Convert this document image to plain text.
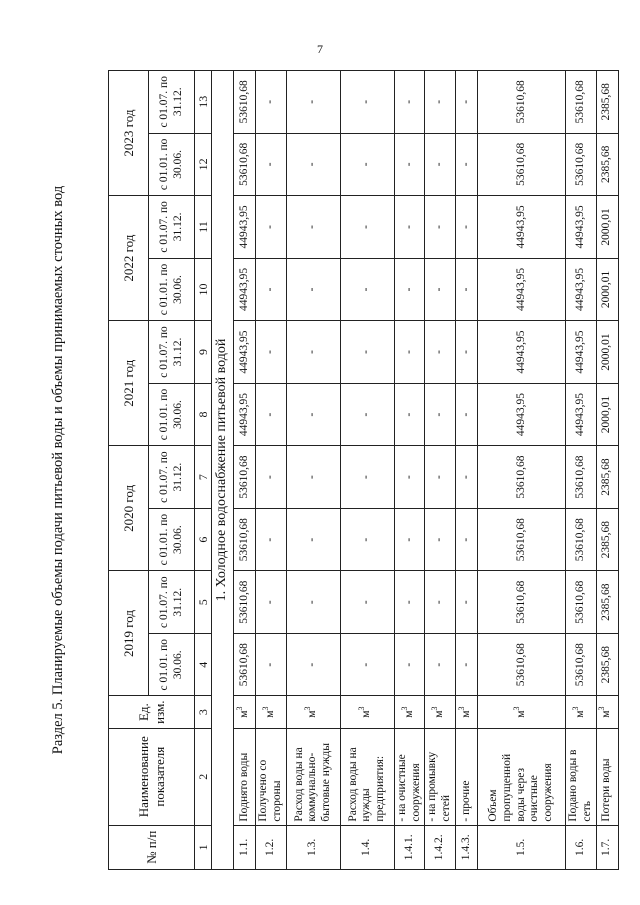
7
Раздел 5. Планируемые объемы подачи питьевой воды и объемы принимаемых сточных вод
№ п/п	Наименование показателя	Ед. изм.	2019 год		2020 год		2021 год		2022 год		2023 год	
			с 01.01. по 30.06.	с 01.07. по 31.12.	с 01.01. по 30.06.	с 01.07. по 31.12.	с 01.01. по 30.06.	с 01.07. по 31.12.	с 01.01. по 30.06.	с 01.07. по 31.12.	с 01.01. по 30.06.	с 01.07. по 31.12.
1	2	3	4	5	6	7	8	9	10	11	12	13
1. Холодное водоснабжение питьевой водой												
1.1.	Поднято воды	$м^3$	53610,68	53610,68	53610,68	53610,68	44943,95	44943,95	44943,95	44943,95	53610,68	53610,68
1.2.	Получено со стороны	$м^3$	-	-	-	-	-	-	-	-	-	-
1.3.	Расход воды на коммунально-бытовые нужды	$м^3$	-	-	-	-	-	-	-	-	-	-
1.4.	Расход воды на нужды предприятия:	$м^3$	-	-	-	-	-	-	-	-	-	-
1.4.1.	- на очистные сооружения	$м^3$	-	-	-	-	-	-	-	-	-	-
1.4.2.	- на промывку сетей	$м^3$	-	-	-	-	-	-	-	-	-	-
1.4.3.	- прочие	$м^3$	-	-	-	-	-	-	-	-	-	-
1.5.	Объем пропущенной воды через очистные сооружения	$м^3$	53610,68	53610,68	53610,68	53610,68	44943,95	44943,95	44943,95	44943,95	53610,68	53610,68
1.6.	Подано воды в сеть	$м^3$	53610,68	53610,68	53610,68	53610,68	44943,95	44943,95	44943,95	44943,95	53610,68	53610,68
1.7.	Потери воды	$м^3$	2385,68	2385,68	2385,68	2385,68	2000,01	2000,01	2000,01	2000,01	2385,68	2385,68
